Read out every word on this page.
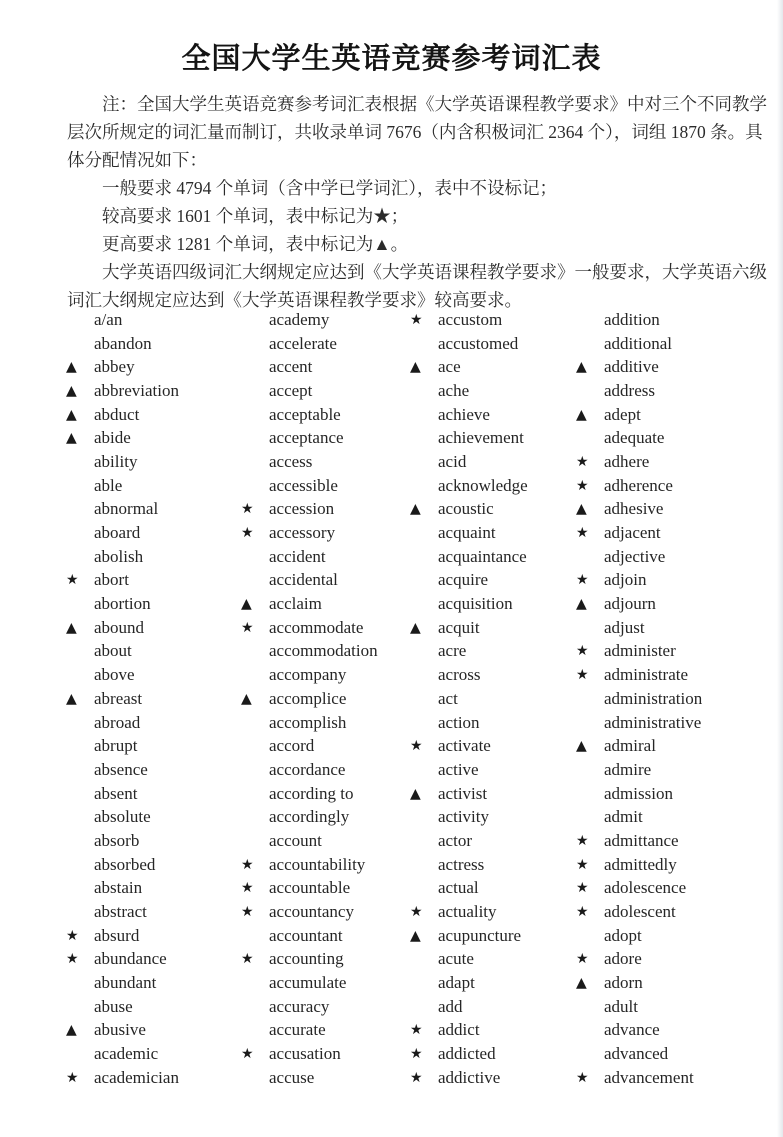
全国大学生英语竞赛参考词汇表
注：全国大学生英语竞赛参考词汇表根据《大学英语课程教学要求》中对三个不同教学
层次所规定的词汇量而制订，共收录单词 7676（内含积极词汇 2364 个），词组 1870 条。具
体分配情况如下：
一般要求 4794 个单词（含中学已学词汇），表中不设标记；
较高要求 1601 个单词，表中标记为★；
更高要求 1281 个单词，表中标记为▲。
大学英语四级词汇大纲规定应达到《大学英语课程教学要求》一般要求，大学英语六级
词汇大纲规定应达到《大学英语课程教学要求》较高要求。
a/an
abandon
▲	abbey
▲	abbreviation
▲	abduct
▲	abide
ability
able
abnormal
aboard
abolish
★ abort
abortion
▲	abound
about
above
▲	abreast
abroad
abrupt
absence
absent
absolute
absorb
absorbed
abstain
abstract
★ absurd
★ abundance
abundant
abuse
▲	abusive
academic
★ academician
academy
accelerate
accent
accept
acceptable
acceptance
access
accessible
★ accession
★ accessory
accident
accidental
▲	acclaim
★ accommodate
accommodation
accompany
▲	accomplice
accomplish
accord
accordance
according to
accordingly
account
★ accountability
★ accountable
★ accountancy
accountant
★ accounting
accumulate
accuracy
accurate
★ accusation
accuse
★ accustom
accustomed
▲	ace
ache
achieve
achievement
acid
acknowledge
▲	acoustic
acquaint
acquaintance
acquire
acquisition
▲	acquit
acre
across
act
action
★ activate
active
▲	activist
activity
actor
actress
actual
★ actuality
▲	acupuncture
acute
adapt
add
★ addict
★ addicted
★ addictive
addition
additional
▲	additive
address
▲	adept
adequate
★ adhere
★ adherence
▲	adhesive
★ adjacent
adjective
★ adjoin
▲	adjourn
adjust
★ administer
★ administrate
administration
administrative
▲	admiral
admire
admission
admit
★ admittance
★ admittedly
★ adolescence
★ adolescent
adopt
★ adore
▲	adorn
adult
advance
advanced
★ advancement
